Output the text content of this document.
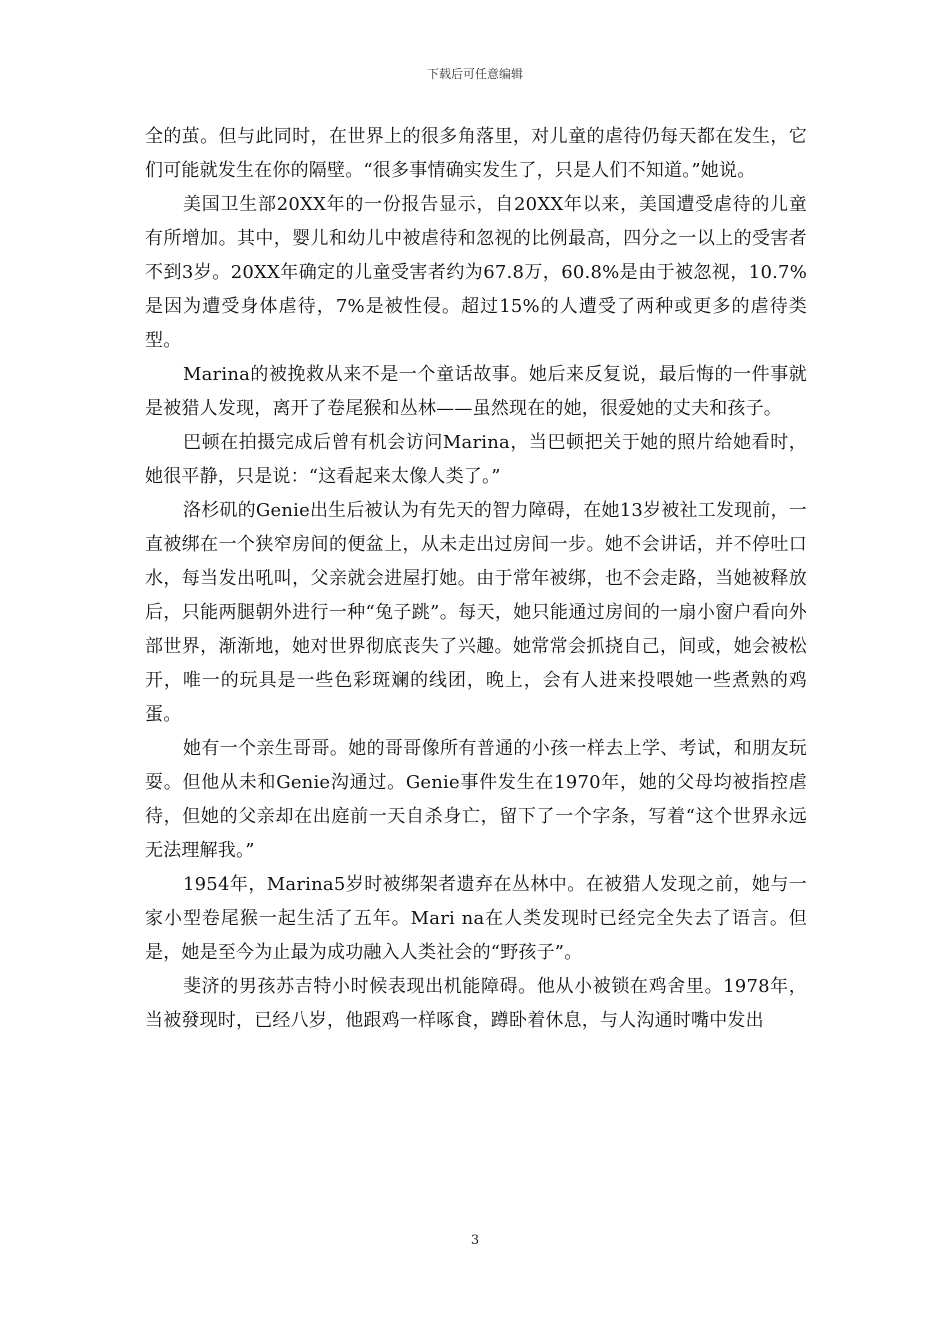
下载后可任意编辑

全的茧。但与此同时，在世界上的很多角落里，对儿童的虐待仍每天都在发生，它们可能就发生在你的隔壁。“很多事情确实发生了，只是人们不知道。”她说。

美国卫生部20XX年的一份报告显示，自20XX年以来，美国遭受虐待的儿童有所增加。其中，婴儿和幼儿中被虐待和忽视的比例最高，四分之一以上的受害者不到3岁。20XX年确定的儿童受害者约为67.8万，60.8%是由于被忽视，10.7%是因为遭受身体虐待，7%是被性侵。超过15%的人遭受了两种或更多的虐待类型。

Marina的被挽救从来不是一个童话故事。她后来反复说，最后悔的一件事就是被猎人发现，离开了卷尾猴和丛林——虽然现在的她，很爱她的丈夫和孩子。

巴顿在拍摄完成后曾有机会访问Marina，当巴顿把关于她的照片给她看时，她很平静，只是说：“这看起来太像人类了。”

洛杉矶的Genie出生后被认为有先天的智力障碍，在她13岁被社工发现前，一直被绑在一个狭窄房间的便盆上，从未走出过房间一步。她不会讲话，并不停吐口水，每当发出吼叫，父亲就会进屋打她。由于常年被绑，也不会走路，当她被释放后，只能两腿朝外进行一种“兔子跳”。每天，她只能通过房间的一扇小窗户看向外部世界，渐渐地，她对世界彻底丧失了兴趣。她常常会抓挠自己，间或，她会被松开，唯一的玩具是一些色彩斑斓的线团，晚上，会有人进来投喂她一些煮熟的鸡蛋。

她有一个亲生哥哥。她的哥哥像所有普通的小孩一样去上学、考试，和朋友玩耍。但他从未和Genie沟通过。Genie事件发生在1970年，她的父母均被指控虐待，但她的父亲却在出庭前一天自杀身亡，留下了一个字条，写着“这个世界永远无法理解我。”

1954年，Marina5岁时被绑架者遗弃在丛林中。在被猎人发现之前，她与一家小型卷尾猴一起生活了五年。Mari na在人类发现时已经完全失去了语言。但是，她是至今为止最为成功融入人类社会的“野孩子”。

斐济的男孩苏吉特小时候表现出机能障碍。他从小被锁在鸡舍里。1978年，当被發现时，已经八岁，他跟鸡一样啄食，蹲卧着休息，与人沟通时嘴中发出

3
